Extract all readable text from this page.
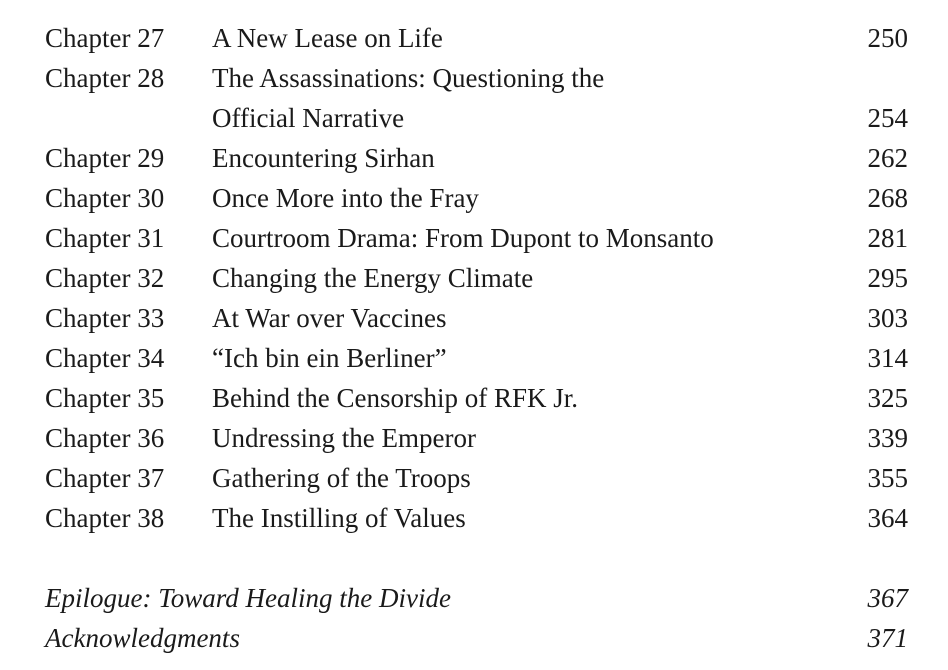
Chapter 27 A New Lease on Life	250
Chapter 28 The Assassinations: Questioning the
Official Narrative	254
Chapter 29 Encountering Sirhan	262
Chapter 30 Once More into the Fray	268
Chapter 31 Courtroom Drama: From Dupont to Monsanto	281
Chapter 32 Changing the Energy Climate	295
Chapter 33 At War over Vaccines	303
Chapter 34 “Ich bin ein Berliner”	314
Chapter 35 Behind the Censorship of RFK Jr.	325
Chapter 36 Undressing the Emperor	339
Chapter 37 Gathering of the Troops	355
Chapter 38 The Instilling of Values	364
Epilogue: Toward Healing the Divide	367
Acknowledgments	371
